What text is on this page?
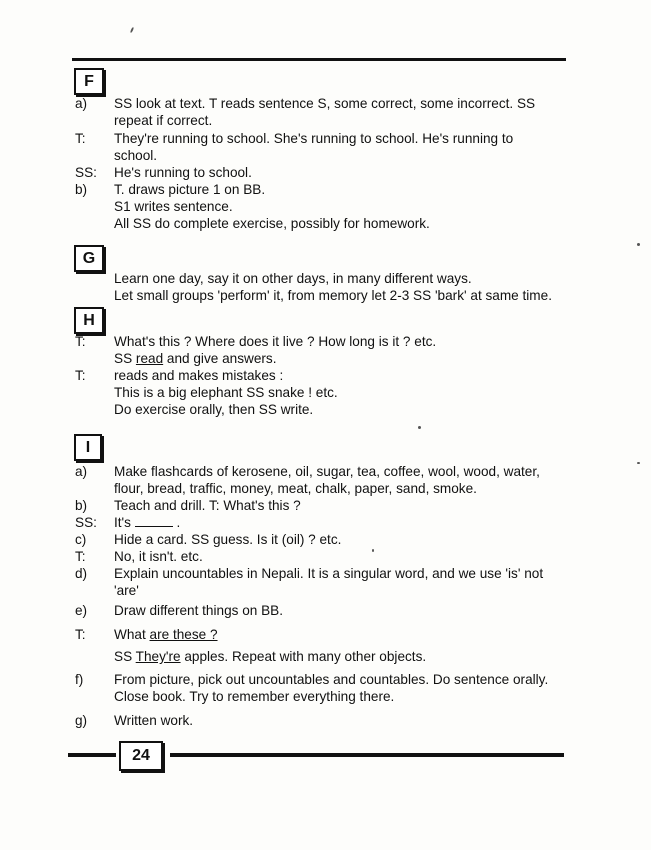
F
a) SS look at text. T reads sentence S, some correct, some incorrect. SS
repeat if correct.
T: They're running to school. She's running to school. He's running to
school.
SS: He's running to school.
b) T. draws picture 1 on BB.
S1 writes sentence.
All SS do complete exercise, possibly for homework.
G
Learn one day, say it on other days, in many different ways.
Let small groups 'perform' it, from memory let 2-3 SS 'bark' at same time.
H
T: What's this ? Where does it live ? How long is it ? etc.
SS read and give answers.
T: reads and makes mistakes :
This is a big elephant SS snake ! etc.
Do exercise orally, then SS write.
I
a) Make flashcards of kerosene, oil, sugar, tea, coffee, wool, wood, water,
flour, bread, traffic, money, meat, chalk, paper, sand, smoke.
b) Teach and drill. T: What's this ?
SS: It's	.
c) Hide a card. SS guess. Is it (oil) ? etc.
T: No, it isn't. etc.
d) Explain uncountables in Nepali. It is a singular word, and we use 'is' not
'are'
e) Draw different things on BB.
T: What are these ?
SS They're apples. Repeat with many other objects.
f) From picture, pick out uncountables and countables. Do sentence orally.
Close book. Try to remember everything there.
g) Written work.
24
